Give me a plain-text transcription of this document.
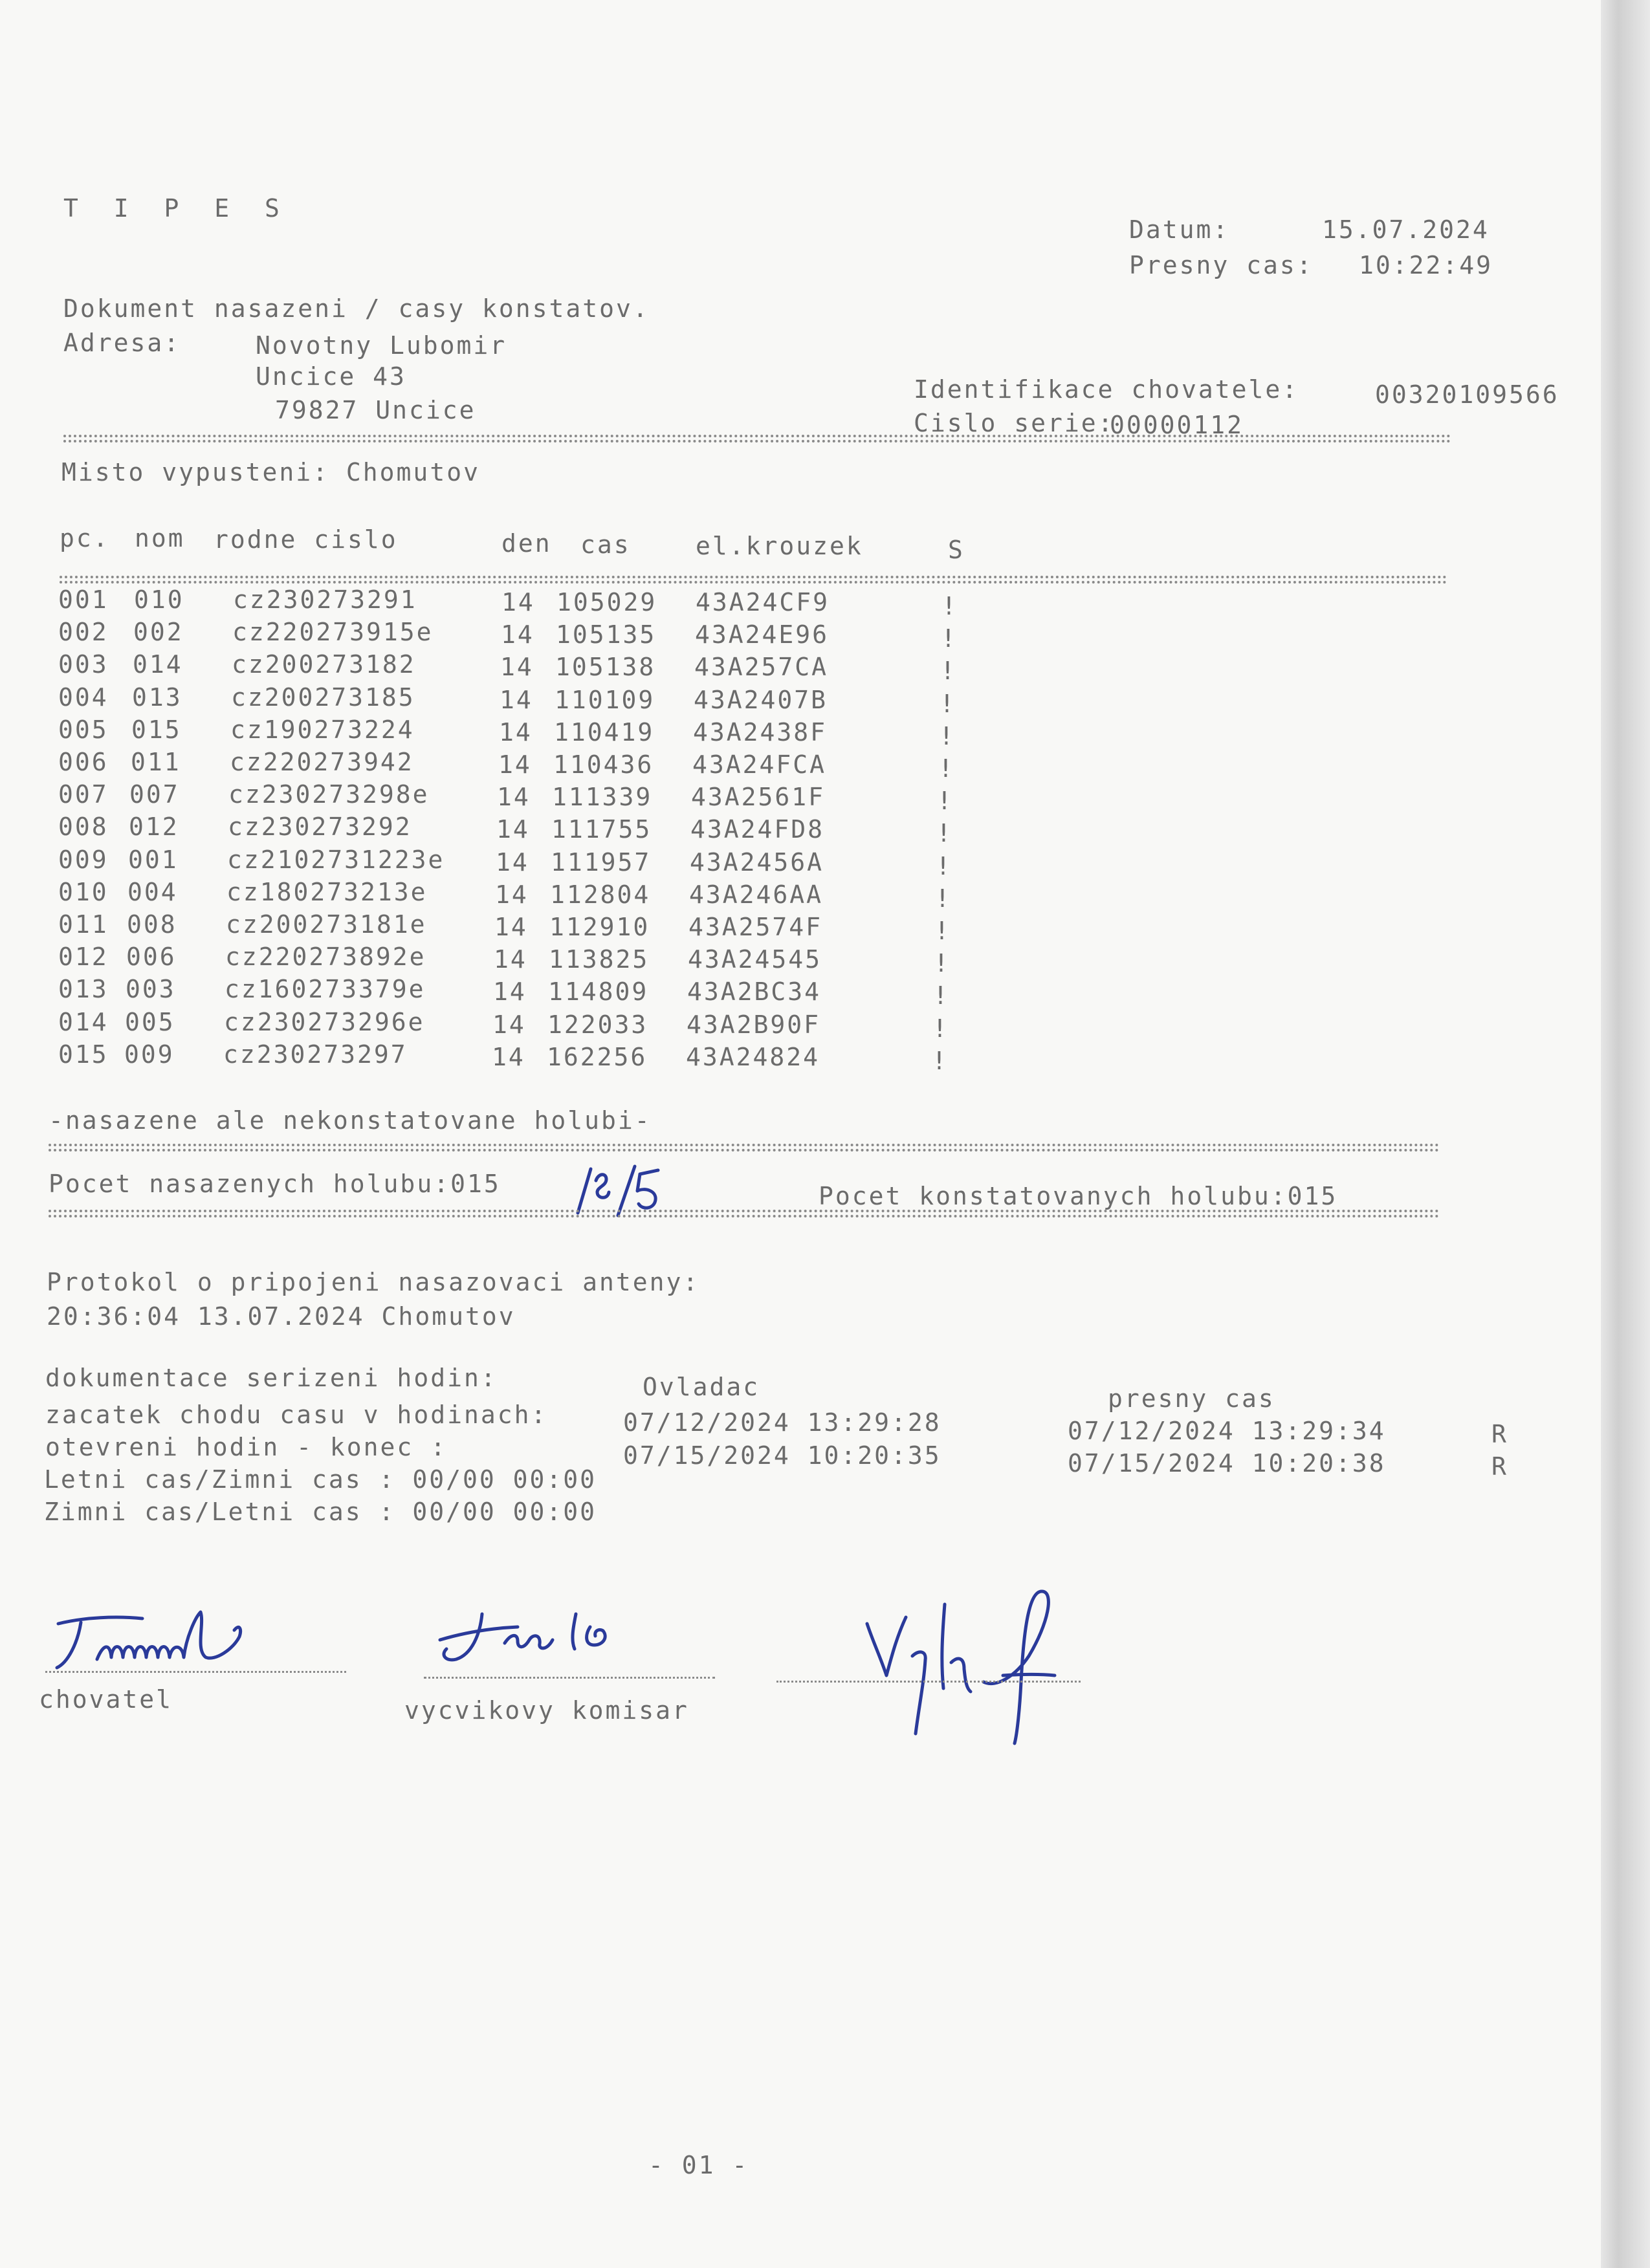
T I P E S
Datum:	15.07.2024
Presny cas: 10:22:49
Dokument nasazeni / casy konstatov.
Adresa:	Novotny Lubomir
Uncice 43
79827 Uncice
Identifikace chovatele:	00320109566
Cislo serie:
00000112
Misto vypusteni: Chomutov
pc. nom rodne cislo	den cas	el.krouzek	S
001 010 cz230273291	14 105029 43A24CF9	!
002 002 cz220273915e	14 105135 43A24E96	!
003 014 cz200273182	14 105138 43A257CA	!
004 013 cz200273185	14 110109 43A2407B	!
005 015 cz190273224	14 110419 43A2438F	!
006 011 cz220273942	14 110436 43A24FCA	!
007 007 cz230273298e	14 111339 43A2561F	!
008 012 cz230273292	14 111755 43A24FD8	!
009 001 cz2102731223e 14 111957 43A2456A	!
010 004 cz180273213e	14 112804 43A246AA	!
011 008 cz200273181e	14 112910 43A2574F	!
012 006 cz220273892e	14 113825 43A24545	!
013 003 cz160273379e	14 114809 43A2BC34	!
014 005 cz230273296e	14 122033 43A2B90F	!
015 009 cz230273297	14 162256 43A24824	!
-nasazene ale nekonstatovane holubi-
Pocet nasazenych holubu:015	Pocet konstatovanych holubu:015
Protokol o pripojeni nasazovaci anteny:
20:36:04 13.07.2024 Chomutov
dokumentace serizeni hodin:	Ovladac	presny cas
zacatek chodu casu v hodinach:	07/12/2024 13:29:28	07/12/2024 13:29:34	R
otevreni hodin - konec :	07/15/2024 10:20:35	07/15/2024 10:20:38	R
Letni cas/Zimni cas : 00/00 00:00
Zimni cas/Letni cas : 00/00 00:00
chovatel	vycvikovy komisar
- 01 -
